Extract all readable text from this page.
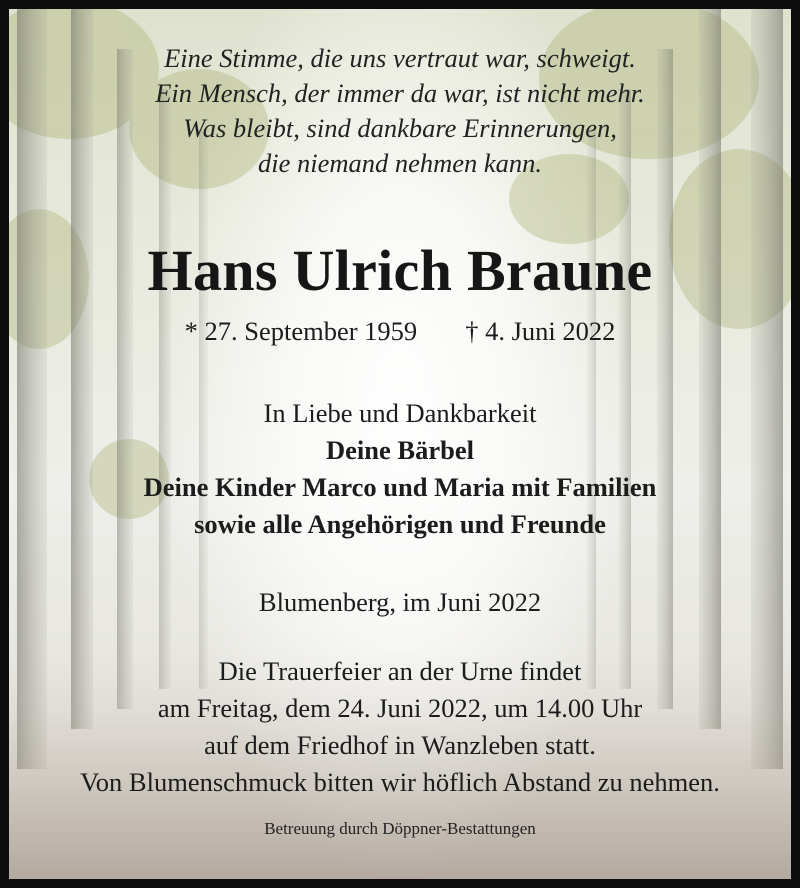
Eine Stimme, die uns vertraut war, schweigt.
Ein Mensch, der immer da war, ist nicht mehr.
Was bleibt, sind dankbare Erinnerungen,
die niemand nehmen kann.
Hans Ulrich Braune
* 27. September 1959 † 4. Juni 2022
In Liebe und Dankbarkeit
Deine Bärbel
Deine Kinder Marco und Maria mit Familien
sowie alle Angehörigen und Freunde
Blumenberg, im Juni 2022
Die Trauerfeier an der Urne findet
am Freitag, dem 24. Juni 2022, um 14.00 Uhr
auf dem Friedhof in Wanzleben statt.
Von Blumenschmuck bitten wir höflich Abstand zu nehmen.
Betreuung durch Döppner-Bestattungen
